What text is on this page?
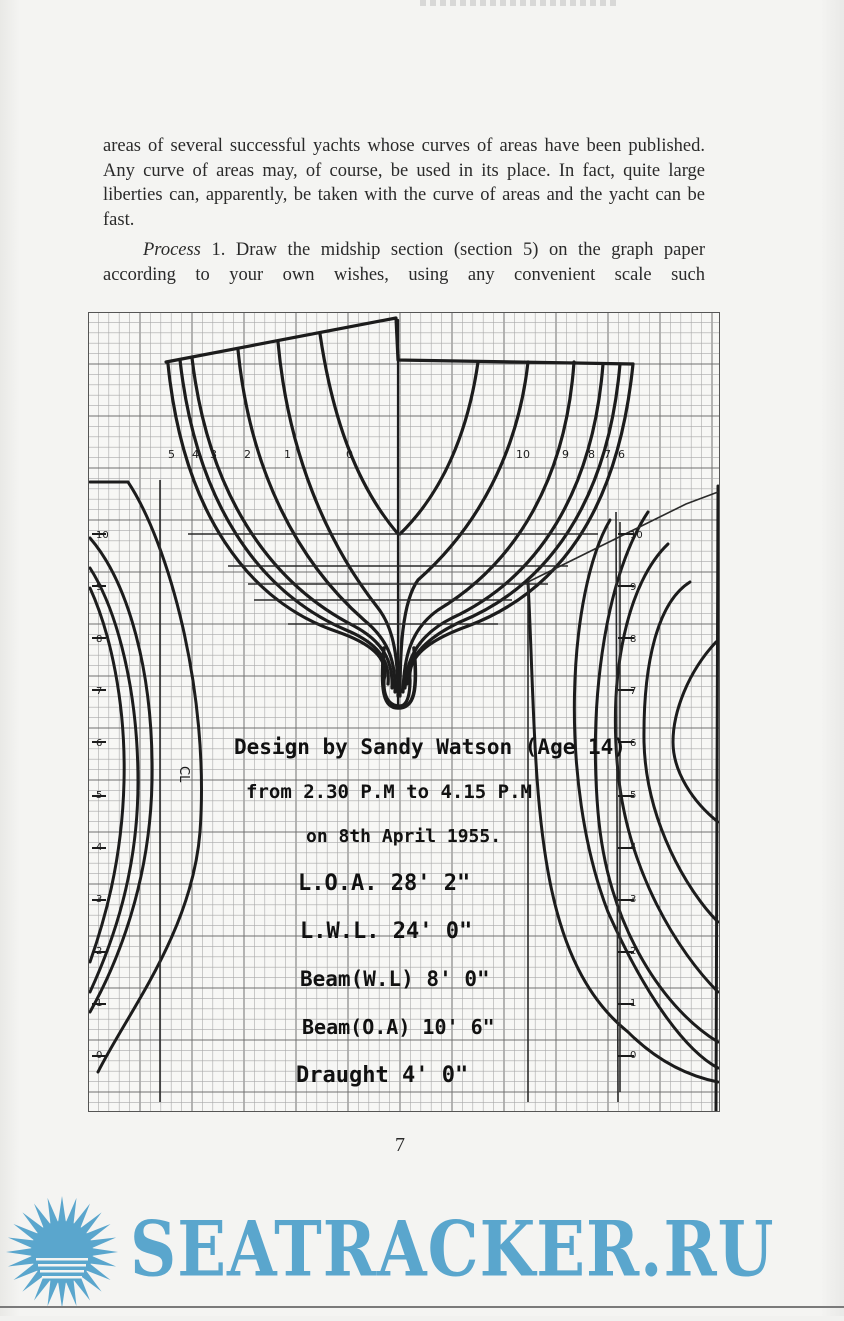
areas of several successful yachts whose curves of areas have been published. Any curve of areas may, of course, be used in its place. In fact, quite large liberties can, apparently, be taken with the curve of areas and the yacht can be fast.

Process 1. Draw the midship section (section 5) on the graph paper according to your own wishes, using any convenient scale such

5 4 3 2	1	0	10	9 8 7 6
10	10
9	9
8	8
7	7
6	6
5	5
4	4
3	3
2	2
1	1
0	0
CL
Design by Sandy Watson (Age 14)
from 2.30 P.M to 4.15 P.M
on 8th April 1955.
L.O.A. 28' 2"
L.W.L. 24' 0"
Beam(W.L) 8' 0"
Beam(O.A) 10' 6"
Draught 4' 0"
7
SEATRACKER.RU
